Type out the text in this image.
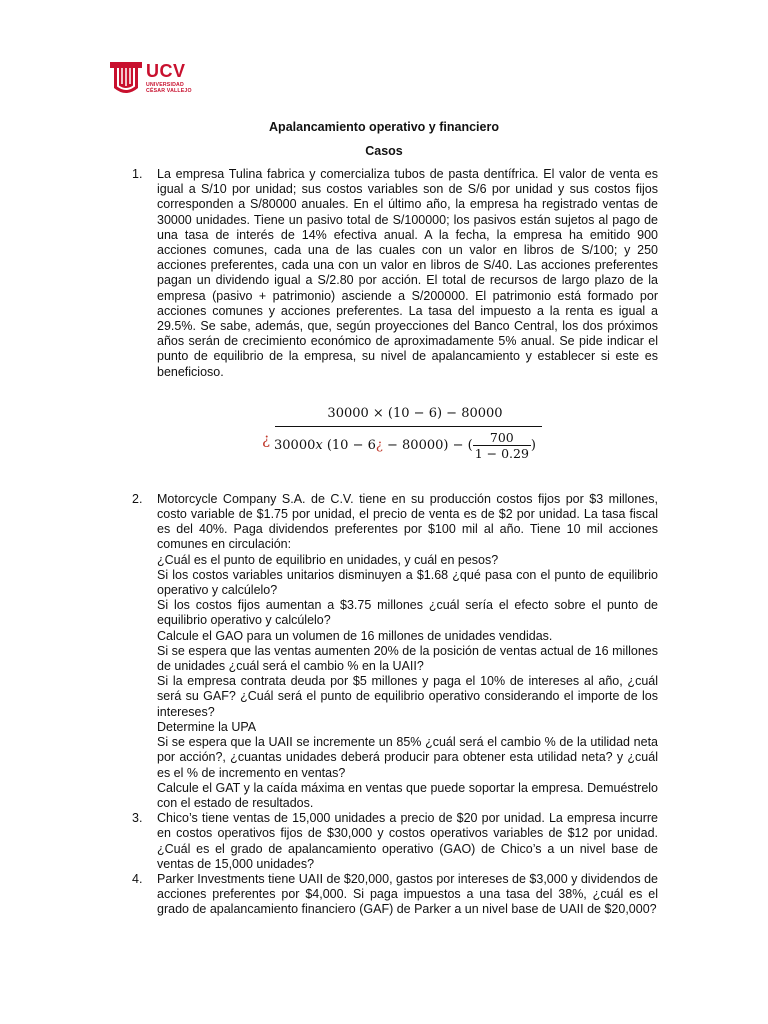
UCV
UNIVERSIDAD
CÉSAR VALLEJO
Apalancamiento operativo y financiero
Casos
1. La empresa Tulina fabrica y comercializa tubos de pasta dentífrica. El valor de venta es igual a S/10 por unidad; sus costos variables son de S/6 por unidad y sus costos fijos corresponden a S/80000 anuales. En el último año, la empresa ha registrado ventas de 30000 unidades. Tiene un pasivo total de S/100000; los pasivos están sujetos al pago de una tasa de interés de 14% efectiva anual. A la fecha, la empresa ha emitido 900 acciones comunes, cada una de las cuales con un valor en libros de S/100; y 250 acciones preferentes, cada una con un valor en libros de S/40. Las acciones preferentes pagan un dividendo igual a S/2.80 por acción. El total de recursos de largo plazo de la empresa (pasivo + patrimonio) asciende a S/200000. El patrimonio está formado por acciones comunes y acciones preferentes. La tasa del impuesto a la renta es igual a 29.5%. Se sabe, además, que, según proyecciones del Banco Central, los dos próximos años serán de crecimiento económico de aproximadamente 5% anual. Se pide indicar el punto de equilibrio de la empresa, su nivel de apalancamiento y establecer si este es beneficioso.

¿
30000 × (10 − 6) − 80000
30000x (10 − 6¿ − 80000) − ( $\frac{700}{1 - 0.29}$ )
2. Motorcycle Company S.A. de C.V. tiene en su producción costos fijos por $3 millones, costo variable de $1.75 por unidad, el precio de venta es de $2 por unidad. La tasa fiscal es del 40%. Paga dividendos preferentes por $100 mil al año. Tiene 10 mil acciones comunes en circulación:

¿Cuál es el punto de equilibrio en unidades, y cuál en pesos?

Si los costos variables unitarios disminuyen a $1.68 ¿qué pasa con el punto de equilibrio operativo y calcúlelo?

Si los costos fijos aumentan a $3.75 millones ¿cuál sería el efecto sobre el punto de equilibrio operativo y calcúlelo?

Calcule el GAO para un volumen de 16 millones de unidades vendidas.

Si se espera que las ventas aumenten 20% de la posición de ventas actual de 16 millones de unidades ¿cuál será el cambio % en la UAII?

Si la empresa contrata deuda por $5 millones y paga el 10% de intereses al año, ¿cuál será su GAF? ¿Cuál será el punto de equilibrio operativo considerando el importe de los intereses?

Determine la UPA

Si se espera que la UAII se incremente un 85% ¿cuál será el cambio % de la utilidad neta por acción?, ¿cuantas unidades deberá producir para obtener esta utilidad neta? y ¿cuál es el % de incremento en ventas?

Calcule el GAT y la caída máxima en ventas que puede soportar la empresa. Demuéstrelo con el estado de resultados.

3. Chico’s tiene ventas de 15,000 unidades a precio de $20 por unidad. La empresa incurre en costos operativos fijos de $30,000 y costos operativos variables de $12 por unidad. ¿Cuál es el grado de apalancamiento operativo (GAO) de Chico’s a un nivel base de ventas de 15,000 unidades?

4. Parker Investments tiene UAII de $20,000, gastos por intereses de $3,000 y dividendos de acciones preferentes por $4,000. Si paga impuestos a una tasa del 38%, ¿cuál es el grado de apalancamiento financiero (GAF) de Parker a un nivel base de UAII de $20,000?
